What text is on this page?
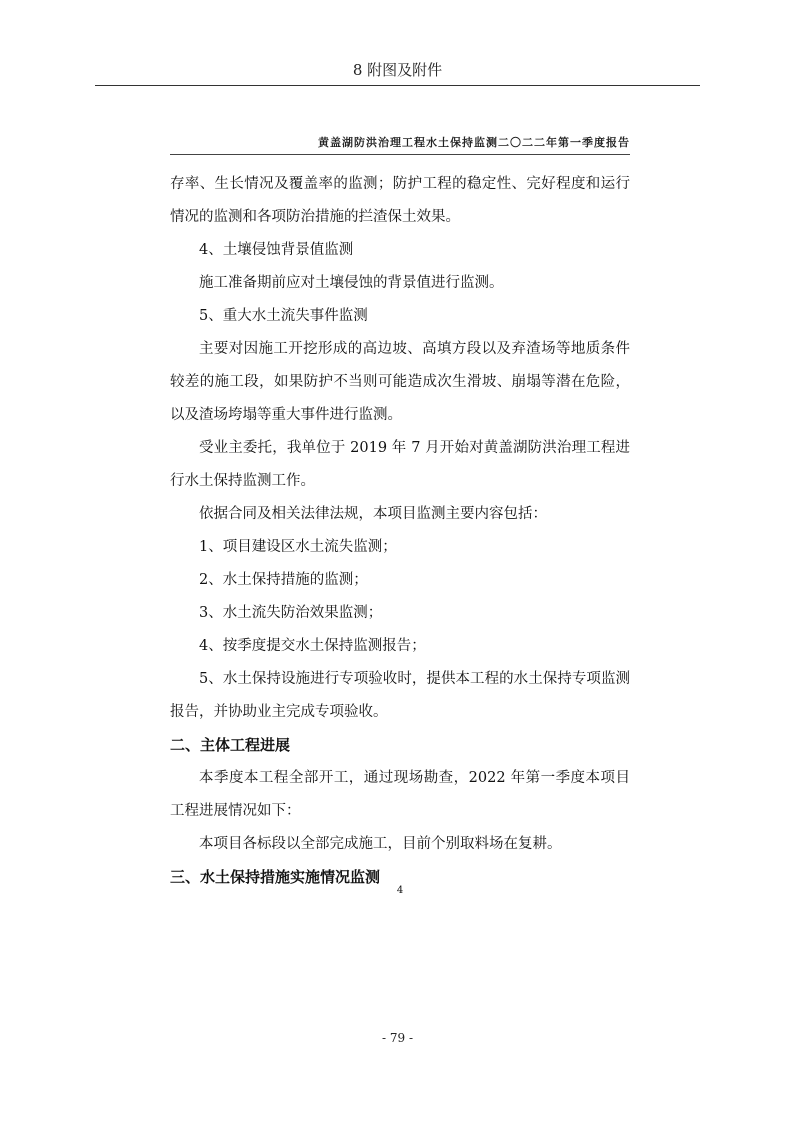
8 附图及附件
黄盖湖防洪治理工程水土保持监测二〇二二年第一季度报告

存率、生长情况及覆盖率的监测；防护工程的稳定性、完好程度和运行情况的监测和各项防治措施的拦渣保土效果。

4、土壤侵蚀背景值监测

施工准备期前应对土壤侵蚀的背景值进行监测。

5、重大水土流失事件监测

主要对因施工开挖形成的高边坡、高填方段以及弃渣场等地质条件较差的施工段，如果防护不当则可能造成次生滑坡、崩塌等潜在危险，以及渣场垮塌等重大事件进行监测。

受业主委托，我单位于 2019 年 7 月开始对黄盖湖防洪治理工程进行水土保持监测工作。

依据合同及相关法律法规，本项目监测主要内容包括：

1、项目建设区水土流失监测；

2、水土保持措施的监测；

3、水土流失防治效果监测；

4、按季度提交水土保持监测报告；

5、水土保持设施进行专项验收时，提供本工程的水土保持专项监测报告，并协助业主完成专项验收。

二、主体工程进展

本季度本工程全部开工，通过现场勘查，2022 年第一季度本项目工程进展情况如下：

本项目各标段以全部完成施工，目前个别取料场在复耕。

三、水土保持措施实施情况监测

4
- 79 -
